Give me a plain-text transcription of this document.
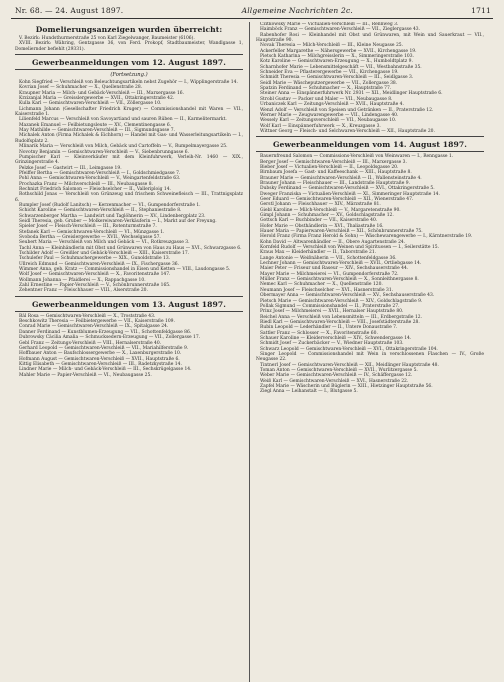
Nr. 68. — 24. August 1897.	Allgemeine Nachrichten 2c.	1711
Domelierungsanzeigen wurden überreicht:

V. Bezirk: Hundsthurmerstraße 25 von Karl Ziegelwanger, Baumeister (6106).

XVIII. Bezirk: Währing, Gentzgasse 36, von Ferd. Prokopf, Stadtbaumeister, Wandlgasse 1, Domeliernder befiehlt (29331).

Gewerbeanmeldungen vom 12. August 1897.
(Fortsetzung.)

Kohn Siegfried — Verschleiß von Beleuchtungsartikeln nebst Zugehör — I., Wipplingerstraße 14.

Kovrian Josef — Schuhmacher — X., Quellenstraße 28.

Kraupner Maria — Milch- und Gebäck-Verschleiß — III., Marxergasse 16.

Krzizanjal Maria — Greisslergewerbe — XVII., Ottakringerstraße 42.

Kulla Karl — Gemischtwaren-Verschleiß — VII., Zöllergasse 10.

Lichmann Johann (Gesellschafter Friedrich Kruger) — Commissionshandel mit Waren — VII., Kaiserstraße 1.

Lilienfeld Marcus — Verschleiß von Savoyartiand und sauren Rüben — II., Karmelitermarkt.

Mazanek Emanuel — Feilbietungsleute — XV., Clementinengasse 6.

May Mathilde — Gemischtwaren-Verschleiß — III., Sigmundsgasse 7.

Michalek Anton (Firma Michalek & Eichhorn) — Handel mit Gas- und Wasserleitungsartikeln — I., Rudolfsplatz 2.

Mlinarik Maria — Verschleiß von Milch, Gebäck und Cartoffeln — V., Rumpelmayergasse 25.

Novotny Benjamin — Gemischtwaren-Verschleiß — V., Siebenbrunngasse 6.

Pumpischer Karl — Kleinverkäufer mit dem Kleinfuhrwerk, Verleih-Nr. 1460 — XIX., Grinzingerstraße 4.

Pelzke Josef — Gastwirt — III., Leimgasse 19.

Pfeiffer Bertha — Gemischtwaren-Verschleiß — I., Goldschmiedgasse 7.

Pohl Anna — Gemischtwaren-Verschleiß — V., Weingartenfeldstraße 63.

Prochazka Franz — Milchverschleiß — III., Neubaugasse 8.

Rechnizt Friedrich Salomon — Fleischselcher — II., Valleriploig 14.

Rothschild Jonas — Verschleiß von Grünzeug und frischem Schweinefleisch — III., Trattnigsplatz 6.

Rumpler Josef (Rudolf Lanitsch) — Kerzenmacher — VI., Gumpendorferstraße 1.

Schicht Karoline — Gemischtwaren-Verschleiß — II., Stephaniestraße 8.

Schwarzenberger Martha — Landwirt und Taglöhnerin — XV., Lindenbergplatz 23.

Seidl Theresia, geb. Gruber — Molkereiwaren-Verkäuferin — I., Markt auf der Freyung.

Spieler Josef — Fleisch-Verschleiß — III., Rotenturmstraße 7.

Stefanek Karl — Gemischtwaren-Verschleiß — VI., Münzgasse 1.

Svoboda Bertha — Greislergewerbe — XVII., Wechselgasse 57.

Seubert Maria — Verschleiß von Milch und Gebäck — VI., Rotkreuzgasse 3.

Tachl Anna — Kleinhändlerin mit Obst und Grünwaren von Haus zu Haus — XVI., Schwarzgasse 6.

Tschilder Adolf — Greißler und Gebäck-Verschleiß — XIII., Kaiserstraße 17.

Tschulefer Paul — Schuhmachergewerbe — XIX., Gunoldstraße 13.

Ullreich Edmund — Gemischtwaren-Verschleiß — IX., Fischergasse 36.

Wimmer Anna, geb. Kratz — Commissionshandel in Eisen und Ketten — VIII., Laudongasse 5.

Wolf Josef — Gemischtwaren-Verschleiß — X., Favoritenstraße 147.

Wollmann Johanna — Pfaidlerei — X., Rappachgasse 10.

Zahl Ernestine — Papier-Verschleiß — V., Schönbrunnerstraße 165.

Zehentner Franz — Fleischhauer — VIII., Alserstraße 20.

Gewerbeanmeldungen vom 13. August 1897.

Bäl Rosa — Gemischtwaren-Verschleiß — X., Troststraße 43.

Beschkowitz Theresia — Feilbietergewerbe — VII., Kaiserstraße 109.

Conrad Marie — Gemischtwaren-Verschleiß — IX., Spitalgasse 24.

Danner Ferdinand — Kunstblumen-Erzeugung — VII., Schottenfeldgasse 86.

Dubrowsky Cäcilia Amalia — Schmucksedern-Erzeugung — VII., Zollergasse 17.

Gebl Franz — Zeitungs-Verschleiß — VIII., Hernalserstraße 40.

Gerhard Leopold — Gemischtwaren-Verschleiß — VII., Mariahilferstraße 9.

Hoffbauer Anton — Baufschlossergewerbe — X., Laxenburgerstraße 10.

Hofmann August — Gemischtwaren-Verschleiß — XVII., Hauptstraße 6.

Kittig Elisabeth — Gemischtwaren-Verschleiß — III., Radetzkystraße 14.

Lindner Marie — Milch- und Gebäck-Verschleiß — III., Sechskrügelgasse 14.

Mahler Marie — Papier-Verschleiß — VI., Neubaugasse 25.

Czitkowsky Marie — Victualien-Verschleiß — III., Rennweg 3.

Haimböck Franz — Gemischtwaren-Verschleiß — VII., Zieglergasse 43.

Rabenhofer Rosi — Kleinhandel mit Obst und Grünwaren, mit Wein und Sauerkraut — VII., Hauptstraße 90.

Novak Theresia — Milch-Verschleiß — III., Kleine Neugasse 25.

Ackerfeller Margarethe — Nähersgewerbe — XVII., Kirchengasse 19.

Pietsch Katharina — Milchgreisslerin — X., Simmeringerstraße 103.

Kotz Karoline — Gemischtwaren-Erzeugung — X., Humboldtplatz 9.

Scharnhofer Marie — Lebensmittelgeschäft — VII., Westbahnstraße 35.

Schneider Eva — Pflasterergewerbe — VII., Kirchengasse 19.

Schmidt Theresia — Gemischtwaren-Verschleiß — III., Seidlgasse 3.

Seidl Marie — Wäscheputzergewerbe — VII., Zollergasse 38.

Spatzin Ferdinand — Schuhmacher — X., Hauptstraße 77.

Steiner Anna — Einspännerfuhrwerk Nr. 2931 — XII., Meidlinger Hauptstraße 6.

Strobl Gustav — Packer und Maler — VII., Neubaugasse 8.

Urbaniczek Karl — Zeitungs-Verschleiß — XVII., Hauptstraße 4.

Wenzl Adolf — Verschleiß von Speisen und Getränken — II., Praterstraße 12.

Werner Marie — Zeugwarengewerbe — VII., Lindengasse 40.

Wessely Karl — Zeitungsverschleiß — VII., Neubaugasse 10.

Wolf Karl — Einspännerfuhrwerk — X., Kreuzgasse 3.

Wittner Georg — Fleisch- und Selchwaren-Verschleiß — XII., Hauptstraße 20.

Gewerbeanmeldungen vom 14. August 1897.

Bauernfreund Salomon — Commissions-Verschleiß von Weinwaren — I., Renngasse 1.

Berger Josef — Gemischtwaren-Verschleiß — III., Marxergasse 3.

Bieber Josef — Victualien-Verschleiß — II., Leopoldsgasse 20.

Birnbaum Josefa — Gast- und Kaffeeschank — XIII., Hauptstraße 8.

Brauner Marie — Gemischtwaren-Verschleiß — II., Wallensteinstraße 4.

Brauner Johann — Fleischhauer — III., Landstraße Hauptstraße 9.

Dubsky Ferdinand — Gemischtwaren-Verschleiß — XVI., Ottakringerstraße 5.

Dweger Franziska — Victualien-Verschleiß — XI., Simmeringer Hauptstraße 14.

Geer Eduard — Gemischtwaren-Verschleiß — XII., Wienerstraße 47.

Gerstl Johann — Fleischhauer — XIV., Märzstraße 81.

Giebl Karoline — Milch-Verschleiß — V., Margaretenstraße 90.

Gimpl Johann — Schuhmacher — XV., Goldschlagstraße 12.

Gottsch Karl — Buchbinder — VII., Kaiserstraße 40.

Hofer Marie — Obsthändlerin — XVI., Thaliastraße 16.

Hauer Maria — Papierwaren-Verschleiß — XII., Schönbrunnerstraße 75.

Herold Franz (Firma Franz Herold & Sohn) — Wäschewarengewerbe — I., Kärntnerstraße 19.

Kohn David — Altwarenhändler — II., Obere Augartenstraße 24.

Kornfeld Rudolf — Verschleiß von Weinen und Spirituosen — I., Seilerstätte 15.

Kraus Max — Kleiderhändler — II., Taborstraße 21.

Lange Antonie — Weißnäherin — VII., Schottenfeldgasse 36.

Lechner Johann — Gemischtwaren-Verschleiß — XVII., Ortliebgasse 14.

Maier Peter — Friseur und Raseur — XIV., Sechshauserstraße 44.

Mayer Marie — Milchmeierei — VI., Gumpendorferstraße 72.

Müller Franz — Gemischtwaren-Verschleiß — X., Sonnleithnergasse 8.

Nemec Karl — Schuhmacher — X., Quellenstraße 120.

Neumann Josef — Fleischselcher — XVI., Hasnerstraße 31.

Obermayer Anna — Gemischtwaren-Verschleiß — XV., Sechshauserstraße 43.

Pietsch Marie — Gemischtwaren-Verschleiß — XIV., Goldschlagstraße 9.

Pollak Sigmund — Commissionshandel — II., Praterstraße 27.

Prinz Josef — Milchmeierei — XVII., Hernalser Hauptstraße 80.

Reichel Anna — Verschleiß von Lebensmitteln — III., Erdbergstraße 12.

Riedl Karl — Gemischtwaren-Verschleiß — VIII., Josefstädterstraße 28.

Rubin Leopold — Lederhändler — II., Untere Donaustraße 7.

Sattler Franz — Schlosser — X., Favoritenstraße 60.

Schauer Karoline — Kleiderverschleiß — XIV., Schwendergasse 14.

Schmidt Josef — Zuckerbäcker — V., Wiedner Hauptstraße 103.

Schwarz Leopold — Gemischtwaren-Verschleiß — XVI., Ottakringerstraße 104.

Singer Leopold — Commissionshandel mit Wein in verschlossenen Flaschen — IV., Große Neugasse 22.

Tintnerl Josef — Gemischtwaren-Verschleiß — XII., Meidlinger Hauptstraße 48.

Toman Anton — Gemischtwaren-Verschleiß — XVII., Wurlitzergasse 5.

Weber Marie — Gemischtwaren-Verschleiß — IV., Schäffergasse 12.

Weiß Karl — Gemischtwaren-Verschleiß — XVI., Hasnerstraße 22.

Zapfel Marie — Wäscherin und Büglerin — XIII., Hietzinger Hauptstraße 56.

Ziegl Anna — Leihanstalt — I., Blutgasse 5.
